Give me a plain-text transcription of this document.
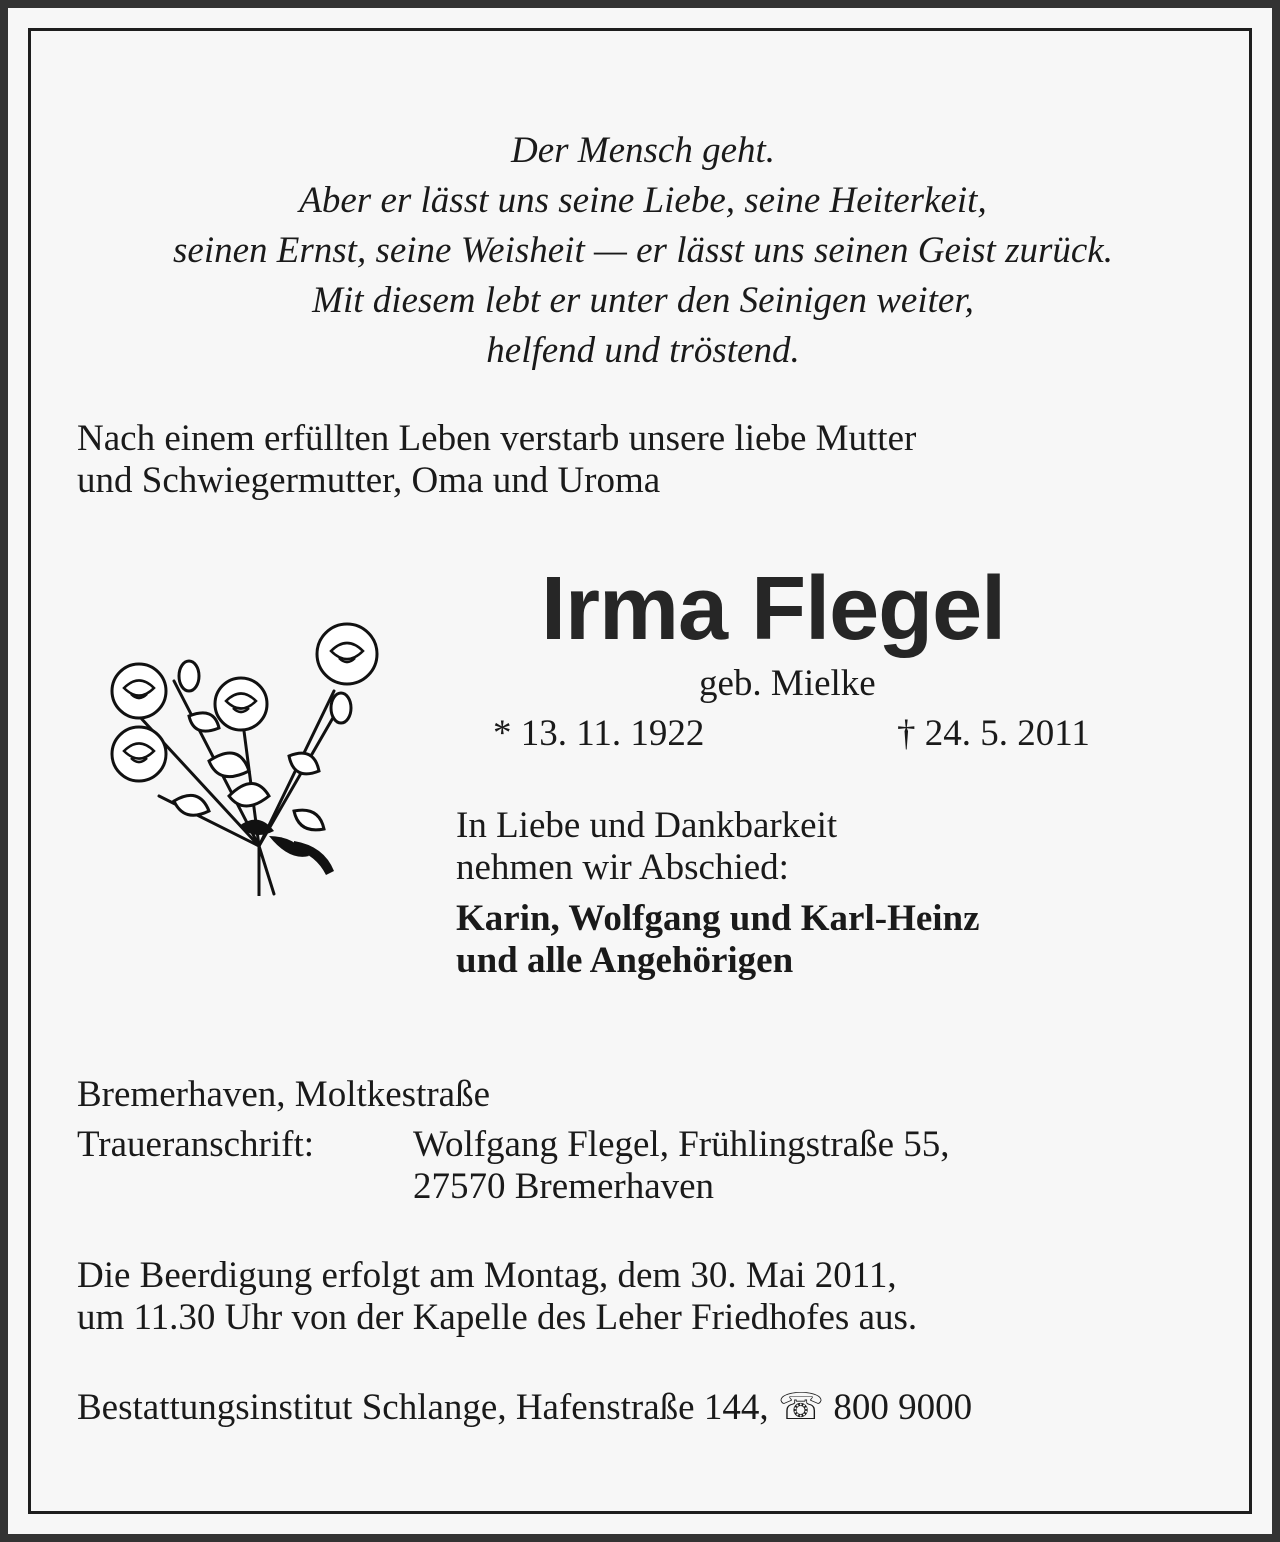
Der Mensch geht.

Aber er lässt uns seine Liebe, seine Heiterkeit,

seinen Ernst, seine Weisheit — er lässt uns seinen Geist zurück.

Mit diesem lebt er unter den Seinigen weiter,

helfend und tröstend.

Nach einem erfüllten Leben verstarb unsere liebe Mutter

und Schwiegermutter, Oma und Uroma

Irma Flegel

geb. Mielke

* 13. 11. 1922	† 24. 5. 2011

In Liebe und Dankbarkeit

nehmen wir Abschied:

Karin, Wolfgang und Karl-Heinz

und alle Angehörigen

Bremerhaven, Moltkestraße

Traueranschrift:	Wolfgang Flegel, Frühlingstraße 55,

27570 Bremerhaven

Die Beerdigung erfolgt am Montag, dem 30. Mai 2011,

um 11.30 Uhr von der Kapelle des Leher Friedhofes aus.

Bestattungsinstitut Schlange, Hafenstraße 144, ☏ 800 9000
